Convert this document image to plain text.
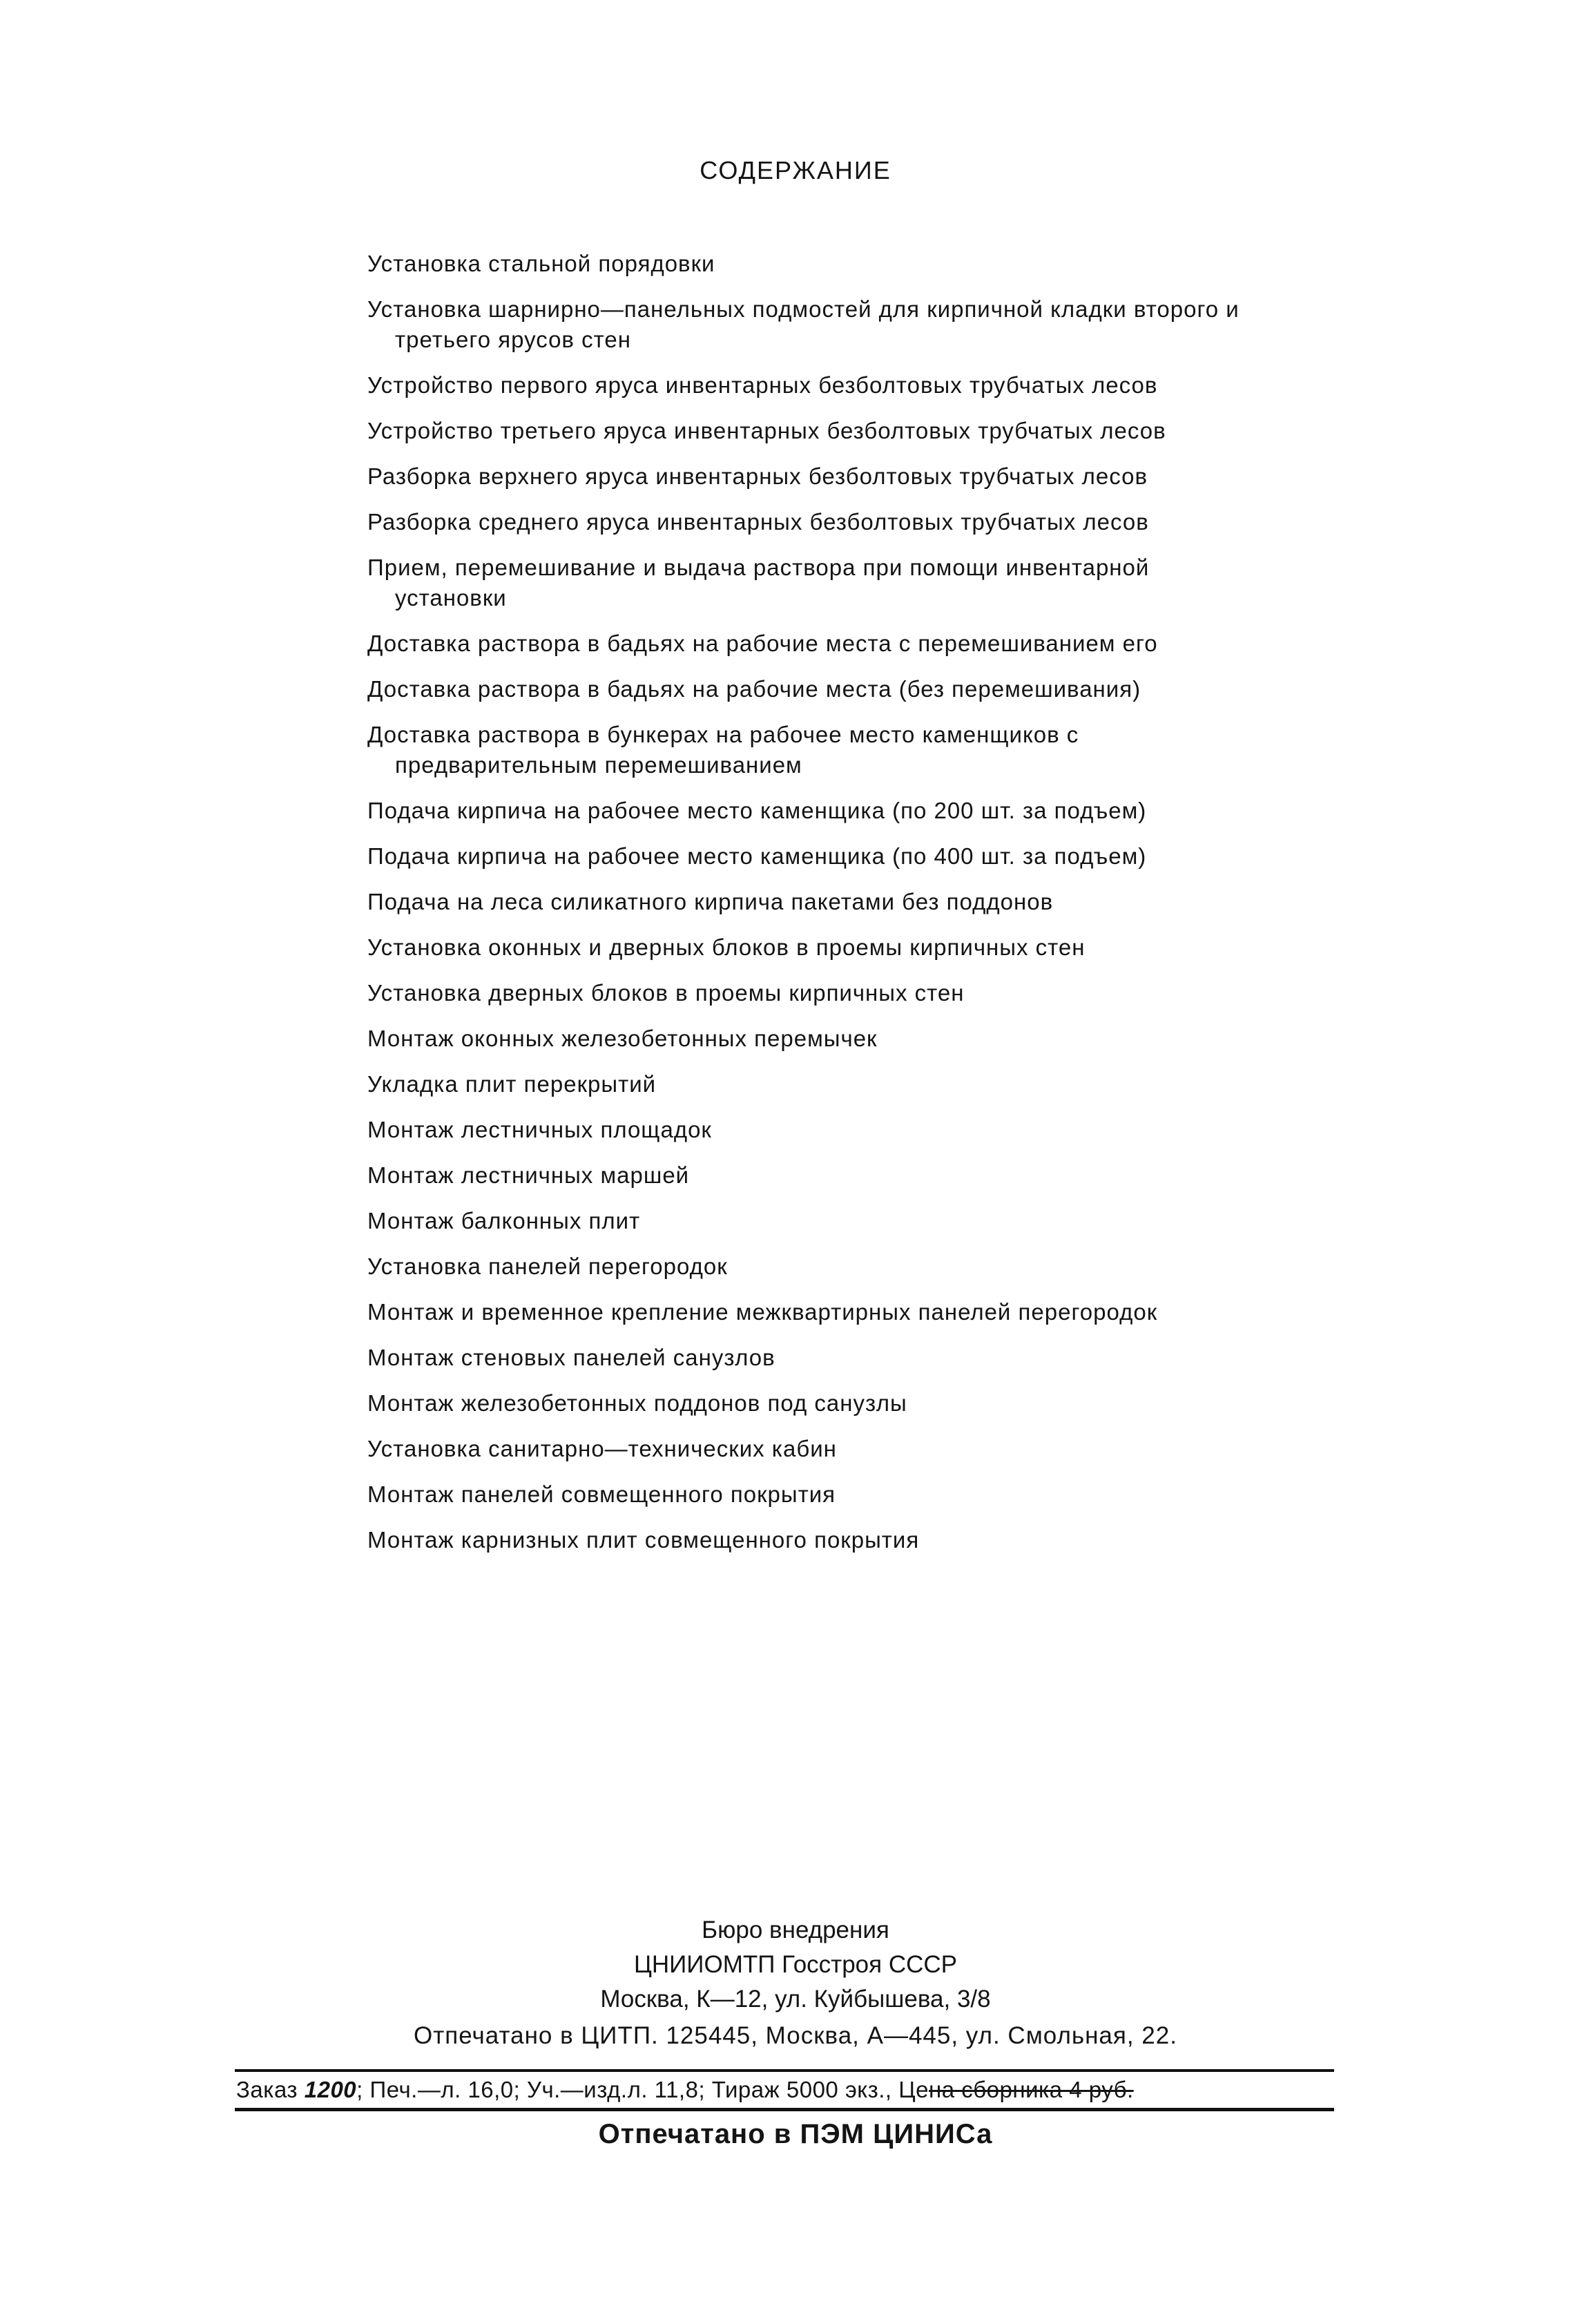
СОДЕРЖАНИЕ
Установка стальной порядовки
Установка шарнирно—панельных подмостей для кирпичной кладки второго и третьего ярусов стен
Устройство первого яруса инвентарных безболтовых трубчатых лесов
Устройство третьего яруса инвентарных безболтовых трубчатых лесов
Разборка верхнего яруса инвентарных безболтовых трубчатых лесов
Разборка среднего яруса инвентарных безболтовых трубчатых лесов
Прием, перемешивание и выдача раствора при помощи инвентарной установки
Доставка раствора в бадьях на рабочие места с перемешиванием его
Доставка раствора в бадьях на рабочие места (без перемешивания)
Доставка раствора в бункерах на рабочее место каменщиков с предварительным перемешиванием
Подача кирпича на рабочее место каменщика (по 200 шт. за подъем)
Подача кирпича на рабочее место каменщика (по 400 шт. за подъем)
Подача на леса силикатного кирпича пакетами без поддонов
Установка оконных и дверных блоков в проемы кирпичных стен
Установка дверных блоков в проемы кирпичных стен
Монтаж оконных железобетонных перемычек
Укладка плит перекрытий
Монтаж лестничных площадок
Монтаж лестничных маршей
Монтаж балконных плит
Установка панелей перегородок
Монтаж и временное крепление межквартирных панелей перегородок
Монтаж стеновых панелей санузлов
Монтаж железобетонных поддонов под санузлы
Установка санитарно—технических кабин
Монтаж панелей совмещенного покрытия
Монтаж карнизных плит совмещенного покрытия
Бюро внедрения
ЦНИИОМТП Госстроя СССР
Москва, К—12, ул. Куйбышева, 3/8
Отпечатано в ЦИТП. 125445, Москва, А—445, ул. Смольная, 22.
Заказ 1200; Печ.—л. 16,0; Уч.—изд.л. 11,8; Тираж 5000 экз., Цена сборника 4 руб.
Отпечатано в ПЭМ ЦИНИСа
